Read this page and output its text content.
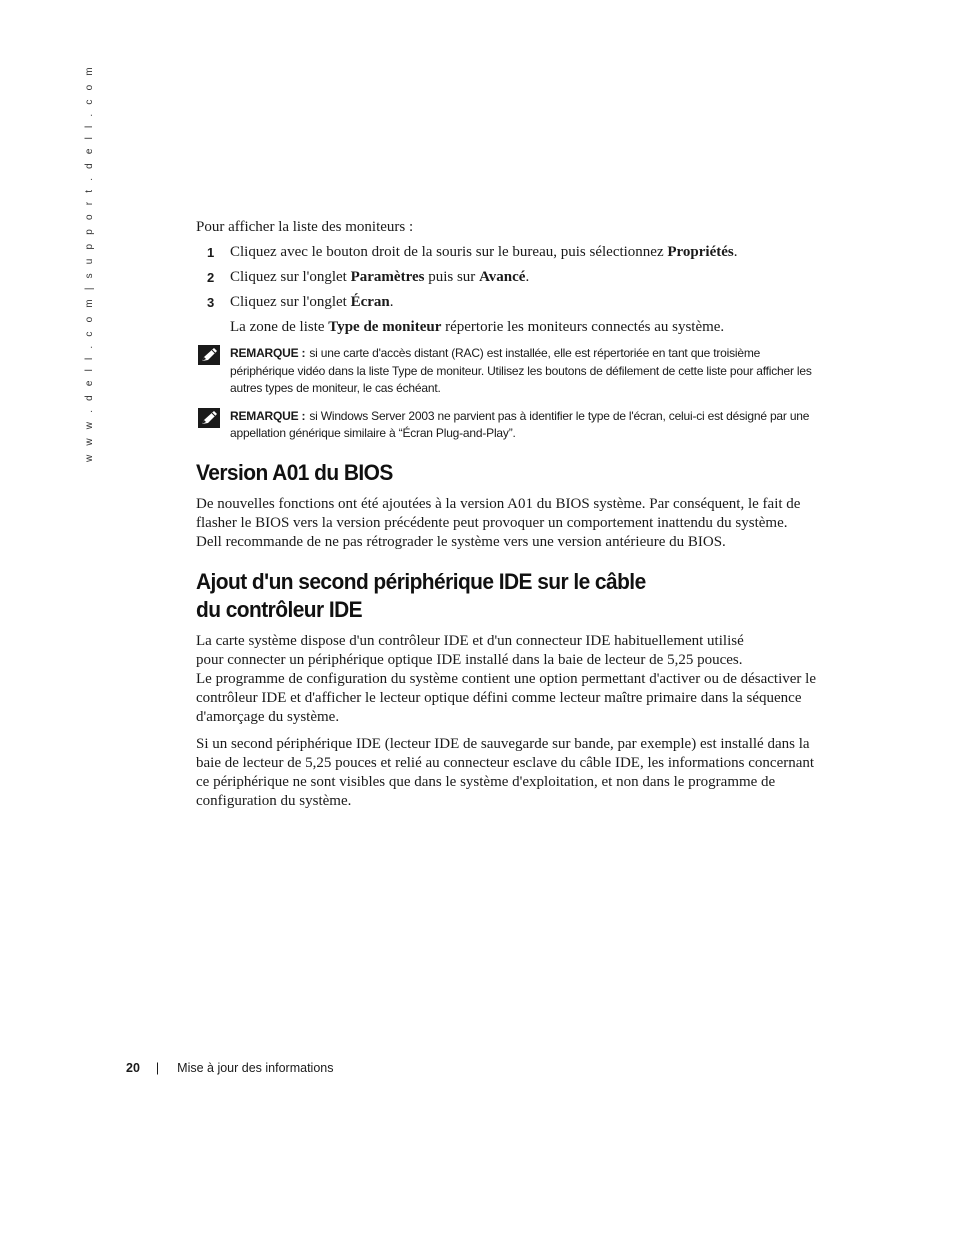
w w w . d e l l . c o m | s u p p o r t . d e l l . c o m	Pour afficher la liste des moniteurs :

1 Cliquez avec le bouton droit de la souris sur le bureau, puis sélectionnez Propriétés.
2 Cliquez sur l'onglet Paramètres puis sur Avancé.
3 Cliquez sur l'onglet Écran.

La zone de liste Type de moniteur répertorie les moniteurs connectés au système.

REMARQUE : si une carte d'accès distant (RAC) est installée, elle est répertoriée en tant que troisième périphérique vidéo dans la liste Type de moniteur. Utilisez les boutons de défilement de cette liste pour afficher les autres types de moniteur, le cas échéant.
REMARQUE : si Windows Server 2003 ne parvient pas à identifier le type de l'écran, celui-ci est désigné par une appellation générique similaire à “Écran Plug-and-Play”.
Version A01 du BIOS

De nouvelles fonctions ont été ajoutées à la version A01 du BIOS système. Par conséquent, le fait de flasher le BIOS vers la version précédente peut provoquer un comportement inattendu du système. Dell recommande de ne pas rétrograder le système vers une version antérieure du BIOS.

Ajout d'un second périphérique IDE sur le câble
du contrôleur IDE

La carte système dispose d'un contrôleur IDE et d'un connecteur IDE habituellement utilisé
pour connecter un périphérique optique IDE installé dans la baie de lecteur de 5,25 pouces.
Le programme de configuration du système contient une option permettant d'activer ou de désactiver le contrôleur IDE et d'afficher le lecteur optique défini comme lecteur maître primaire dans la séquence d'amorçage du système.

Si un second périphérique IDE (lecteur IDE de sauvegarde sur bande, par exemple) est installé dans la baie de lecteur de 5,25 pouces et relié au connecteur esclave du câble IDE, les informations concernant ce périphérique ne sont visibles que dans le système d'exploitation, et non dans le programme de configuration du système.

20 | Mise à jour des informations
